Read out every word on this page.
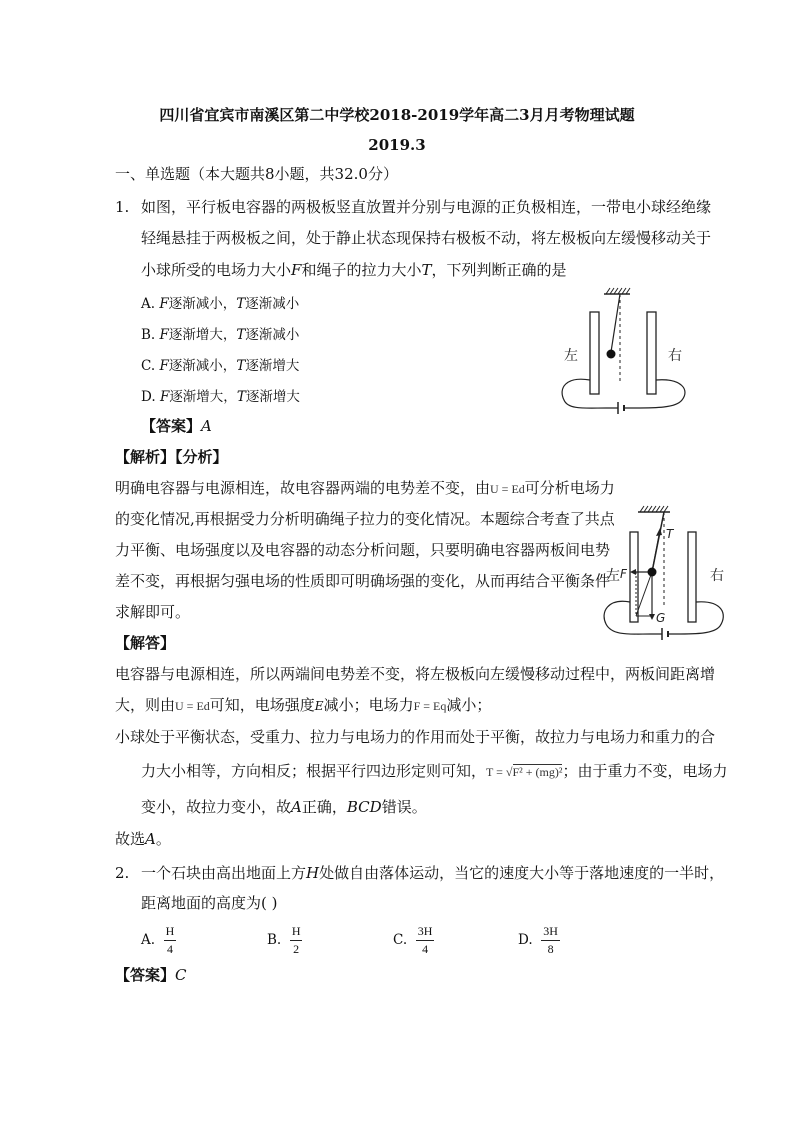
四川省宜宾市南溪区第二中学校2018-2019学年高二3月月考物理试题
2019.3
一、单选题（本大题共8小题，共32.0分）
1. 如图，平行板电容器的两极板竖直放置并分别与电源的正负极相连，一带电小球经绝缘
轻绳悬挂于两极板之间，处于静止状态现保持右极板不动，将左极板向左缓慢移动关于
小球所受的电场力大小F和绳子的拉力大小T，下列判断正确的是
A. F逐渐减小，T逐渐减小
B. F逐渐增大，T逐渐减小
C. F逐渐减小，T逐渐增大
D. F逐渐增大，T逐渐增大
【答案】A
左	右
【解析】【分析】
明确电容器与电源相连，故电容器两端的电势差不变，由U = Ed可分析电场力
的变化情况,再根据受力分析明确绳子拉力的变化情况。本题综合考查了共点
力平衡、电场强度以及电容器的动态分析问题，只要明确电容器两板间电势
差不变，再根据匀强电场的性质即可明确场强的变化，从而再结合平衡条件
求解即可。
左	右
T
F
G
【解答】
电容器与电源相连，所以两端间电势差不变，将左极板向左缓慢移动过程中，两板间距离增
大，则由U = Ed可知，电场强度E减小；电场力F = Eq减小；
小球处于平衡状态，受重力、拉力与电场力的作用而处于平衡，故拉力与电场力和重力的合
力大小相等，方向相反；根据平行四边形定则可知，T = √F² + (mg)²；由于重力不变，电场力
变小，故拉力变小，故A正确，BCD错误。
故选A。
2. 一个石块由高出地面上方H处做自由落体运动，当它的速度大小等于落地速度的一半时，
距离地面的高度为( )
A. $\frac{H}{4}$	B. $\frac{H}{2}$	C. $\frac{3H}{4}$	D. $\frac{3H}{8}$
【答案】C
